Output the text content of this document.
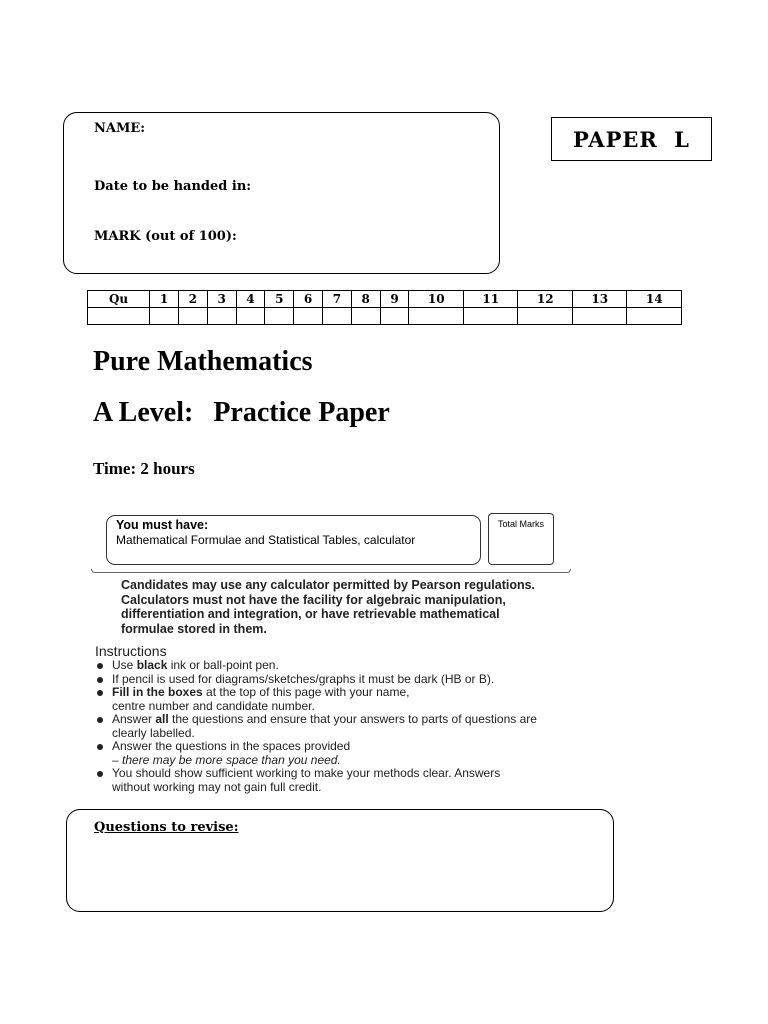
NAME:
Date to be handed in:
MARK (out of 100):
PAPER L
Qu	1	2	3	4	5	6	7	8	9	10	11	12	13	14

Pure Mathematics
A Level: Practice Paper
Time: 2 hours
You must have:
Mathematical Formulae and Statistical Tables, calculator
Total Marks
Candidates may use any calculator permitted by Pearson regulations.
Calculators must not have the facility for algebraic manipulation,
differentiation and integration, or have retrievable mathematical
formulae stored in them.
Instructions
Use black ink or ball-point pen.
If pencil is used for diagrams/sketches/graphs it must be dark (HB or B).
Fill in the boxes at the top of this page with your name,
centre number and candidate number.
Answer all the questions and ensure that your answers to parts of questions are
clearly labelled.
Answer the questions in the spaces provided
– there may be more space than you need.
You should show sufficient working to make your methods clear. Answers
without working may not gain full credit.
Questions to revise:
